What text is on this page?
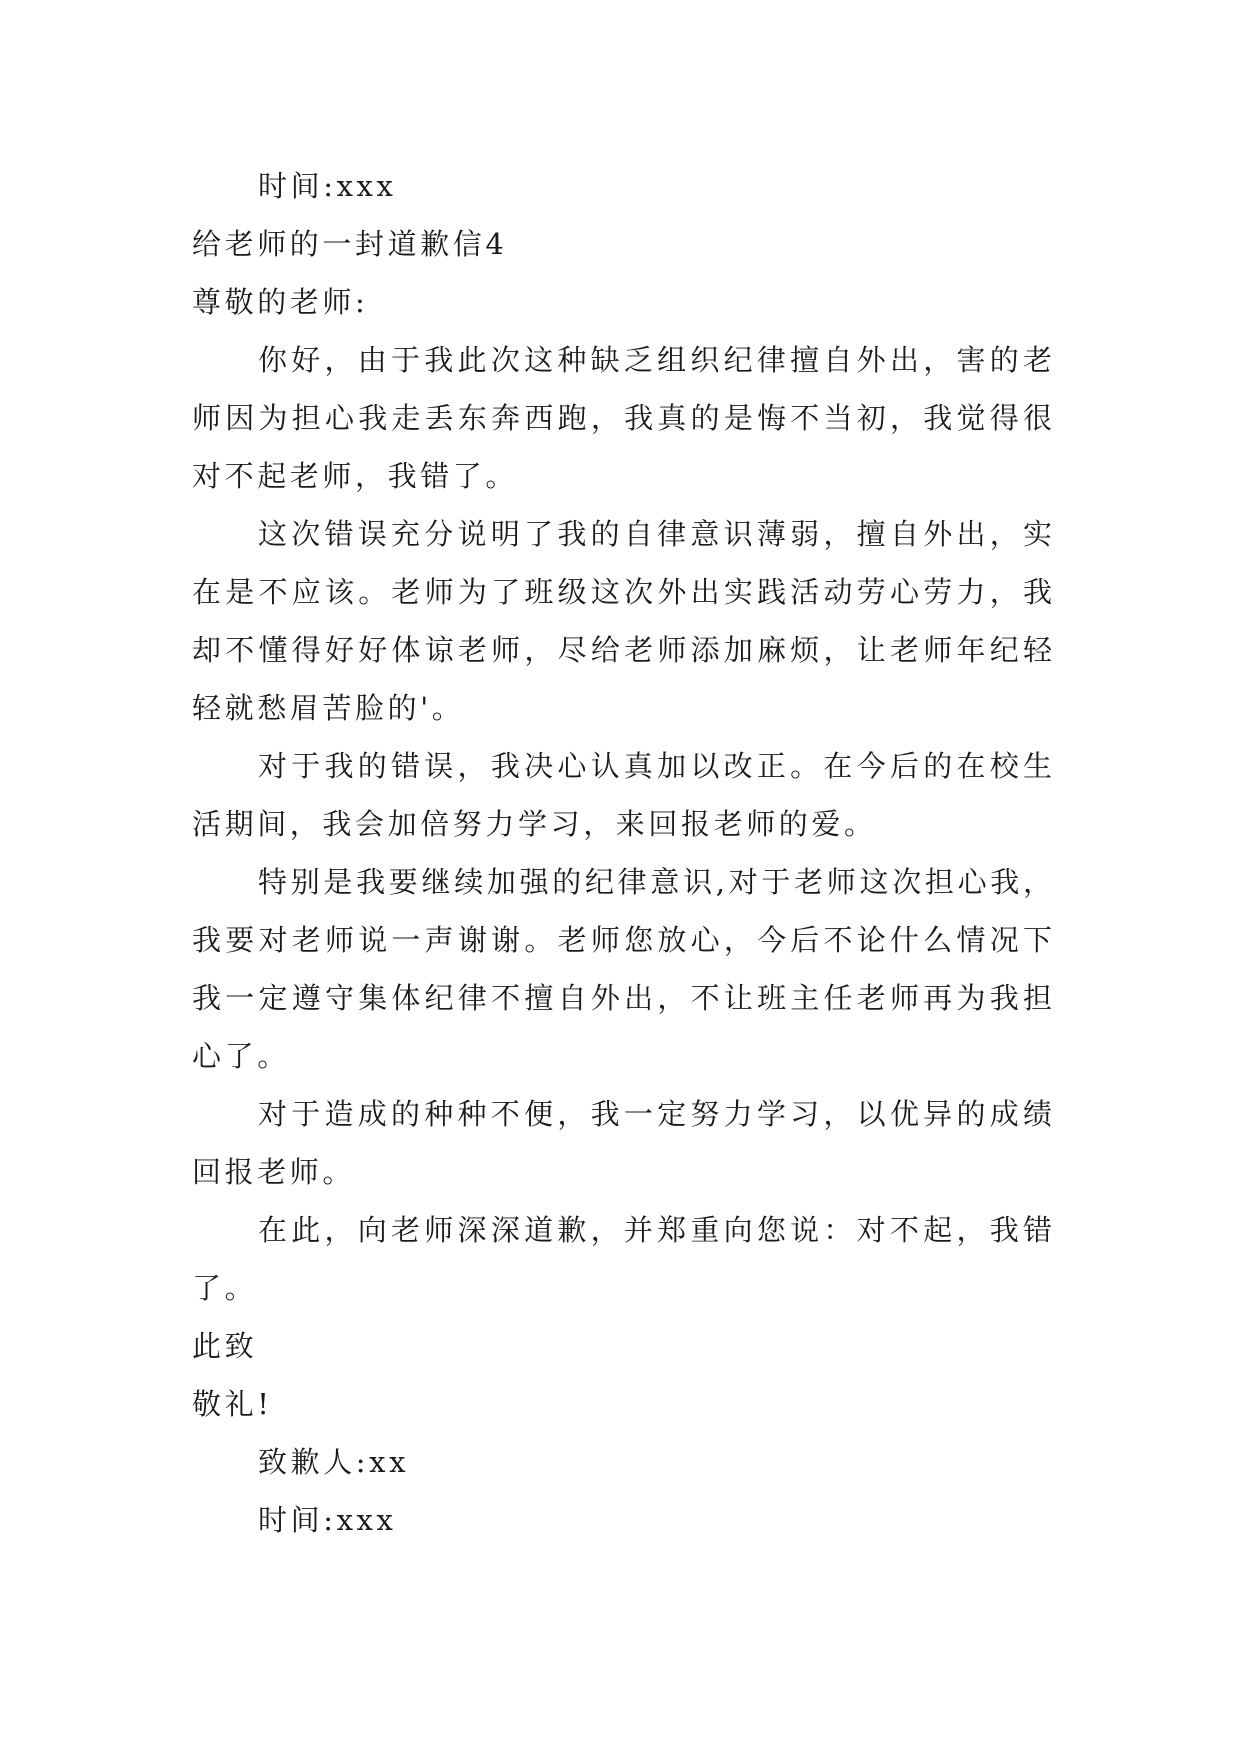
时间:xxx
给老师的一封道歉信4
尊敬的老师:
你好，由于我此次这种缺乏组织纪律擅自外出，害的老
师因为担心我走丢东奔西跑，我真的是悔不当初，我觉得很
对不起老师，我错了。
这次错误充分说明了我的自律意识薄弱，擅自外出，实
在是不应该。老师为了班级这次外出实践活动劳心劳力，我
却不懂得好好体谅老师，尽给老师添加麻烦，让老师年纪轻
轻就愁眉苦脸的'。
对于我的错误，我决心认真加以改正。在今后的在校生
活期间，我会加倍努力学习，来回报老师的爱。
特别是我要继续加强的纪律意识,对于老师这次担心我，
我要对老师说一声谢谢。老师您放心，今后不论什么情况下
我一定遵守集体纪律不擅自外出，不让班主任老师再为我担
心了。
对于造成的种种不便，我一定努力学习，以优异的成绩
回报老师。
在此，向老师深深道歉，并郑重向您说：对不起，我错
了。
此致
敬礼!
致歉人:xx
时间:xxx
